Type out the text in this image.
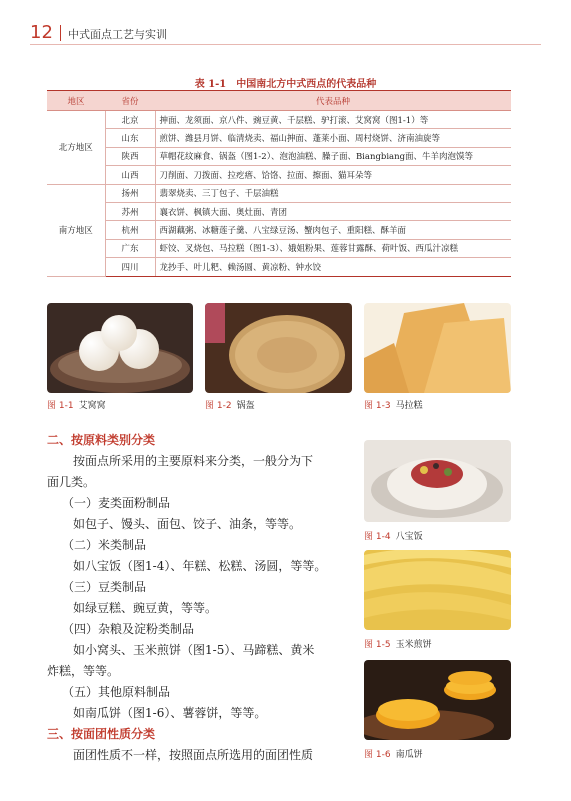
12 中式面点工艺与实训
表 1-1　中国南北方中式西点的代表品种
地区	省份	代表品种
北方地区	北京	抻面、龙须面、京八件、豌豆黄、千层糕、驴打滚、艾窝窝（图1-1）等
	山东	煎饼、潍县月饼、临清烧卖、福山抻面、蓬莱小面、周村烧饼、济南油旋等
	陕西	草帽花纹麻食、锅盔（图1-2）、泡泡油糕、臊子面、Biangbiang面、牛羊肉泡馍等
	山西	刀削面、刀拨面、拉疙瘩、饸饹、拉面、擦面、猫耳朵等
南方地区	扬州	翡翠烧卖、三丁包子、千层油糕
	苏州	襄衣饼、枫镇大面、奥灶面、青团
	杭州	西湖藕粥、冰糖莲子羹、八宝绿豆汤、蟹肉包子、重阳糕、酥羊面
	广东	虾饺、叉烧包、马拉糕（图1-3）、娥姐粉果、莲蓉甘露酥、荷叶饭、西瓜汁凉糕
	四川	龙抄手、叶儿粑、赖汤圆、黄凉粉、钟水饺
图 1-1 艾窝窝	图 1-2 锅盔	图 1-3 马拉糕
二、按原料类别分类
按面点所采用的主要原料来分类，一般分为下
面几类。
（一）麦类面粉制品
如包子、馒头、面包、饺子、油条，等等。
（二）米类制品
如八宝饭（图1-4）、年糕、松糕、汤圆，等等。
（三）豆类制品
如绿豆糕、豌豆黄，等等。
（四）杂粮及淀粉类制品
如小窝头、玉米煎饼（图1-5）、马蹄糕、黄米
炸糕，等等。
（五）其他原料制品
如南瓜饼（图1-6）、薯蓉饼，等等。
三、按面团性质分类
面团性质不一样，按照面点所选用的面团性质
图 1-4 八宝饭
图 1-5 玉米煎饼
图 1-6 南瓜饼
